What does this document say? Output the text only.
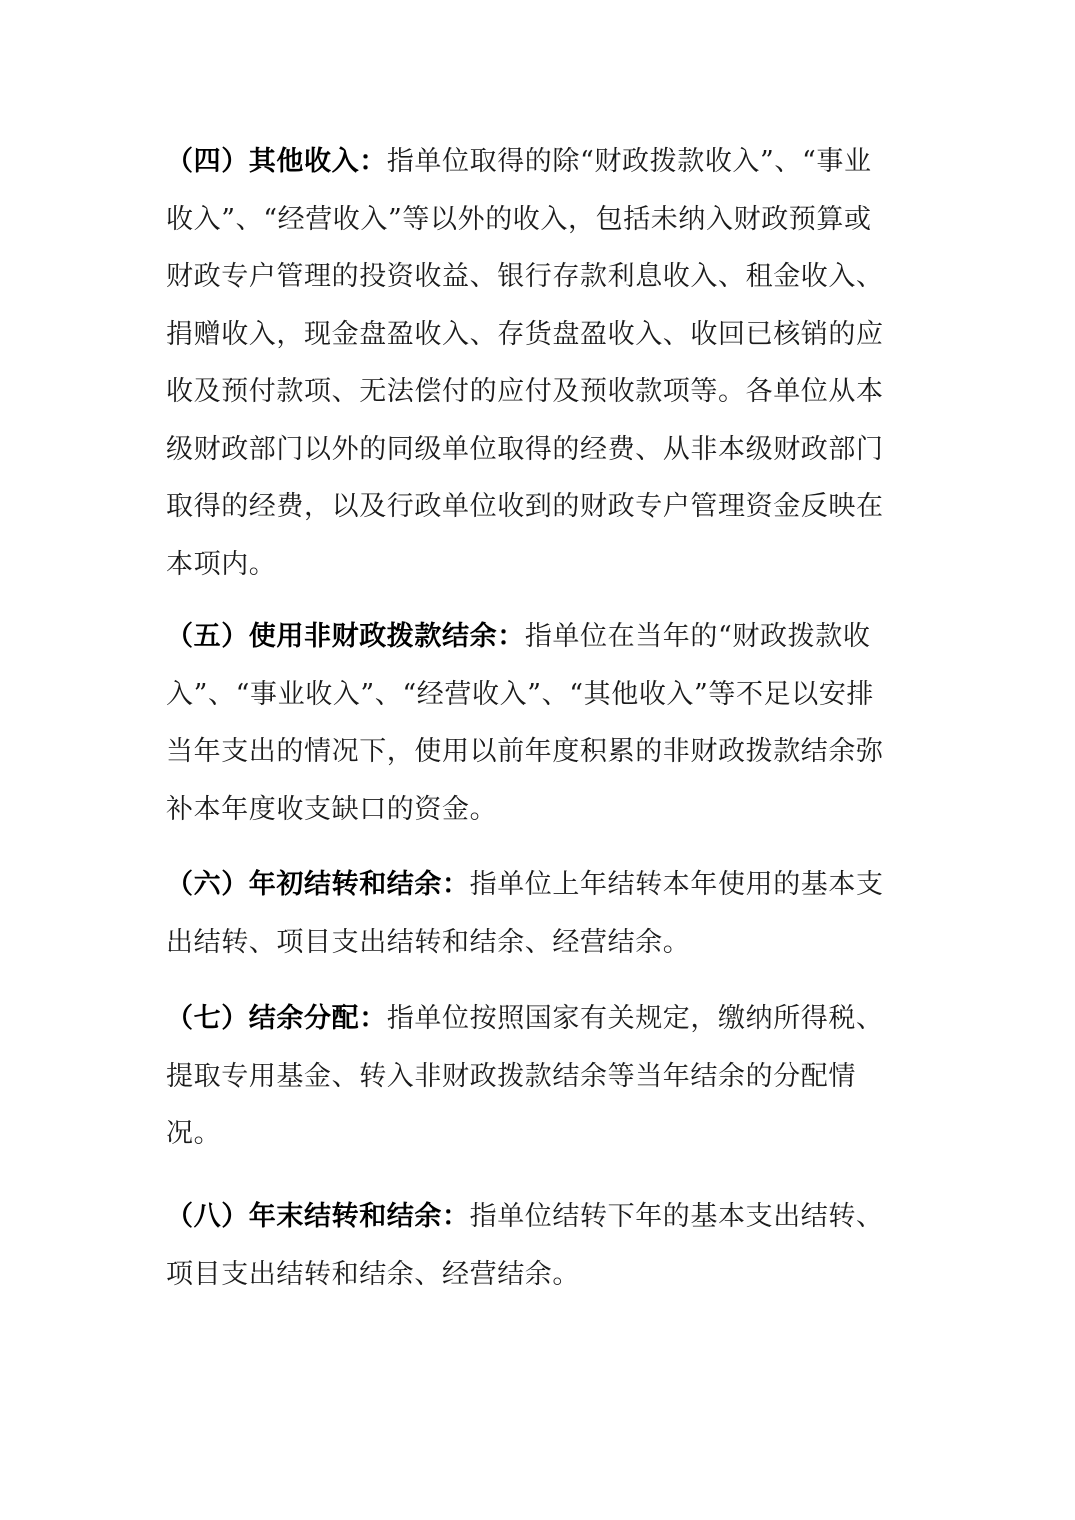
（四）其他收入：指单位取得的除“财政拨款收入”、“事业收入”、“经营收入”等以外的收入，包括未纳入财政预算或财政专户管理的投资收益、银行存款利息收入、租金收入、捐赠收入，现金盘盈收入、存货盘盈收入、收回已核销的应收及预付款项、无法偿付的应付及预收款项等。各单位从本级财政部门以外的同级单位取得的经费、从非本级财政部门取得的经费，以及行政单位收到的财政专户管理资金反映在本项内。

（五）使用非财政拨款结余：指单位在当年的“财政拨款收入”、“事业收入”、“经营收入”、“其他收入”等不足以安排当年支出的情况下，使用以前年度积累的非财政拨款结余弥补本年度收支缺口的资金。

（六）年初结转和结余：指单位上年结转本年使用的基本支出结转、项目支出结转和结余、经营结余。

（七）结余分配：指单位按照国家有关规定，缴纳所得税、提取专用基金、转入非财政拨款结余等当年结余的分配情况。

（八）年末结转和结余：指单位结转下年的基本支出结转、项目支出结转和结余、经营结余。
